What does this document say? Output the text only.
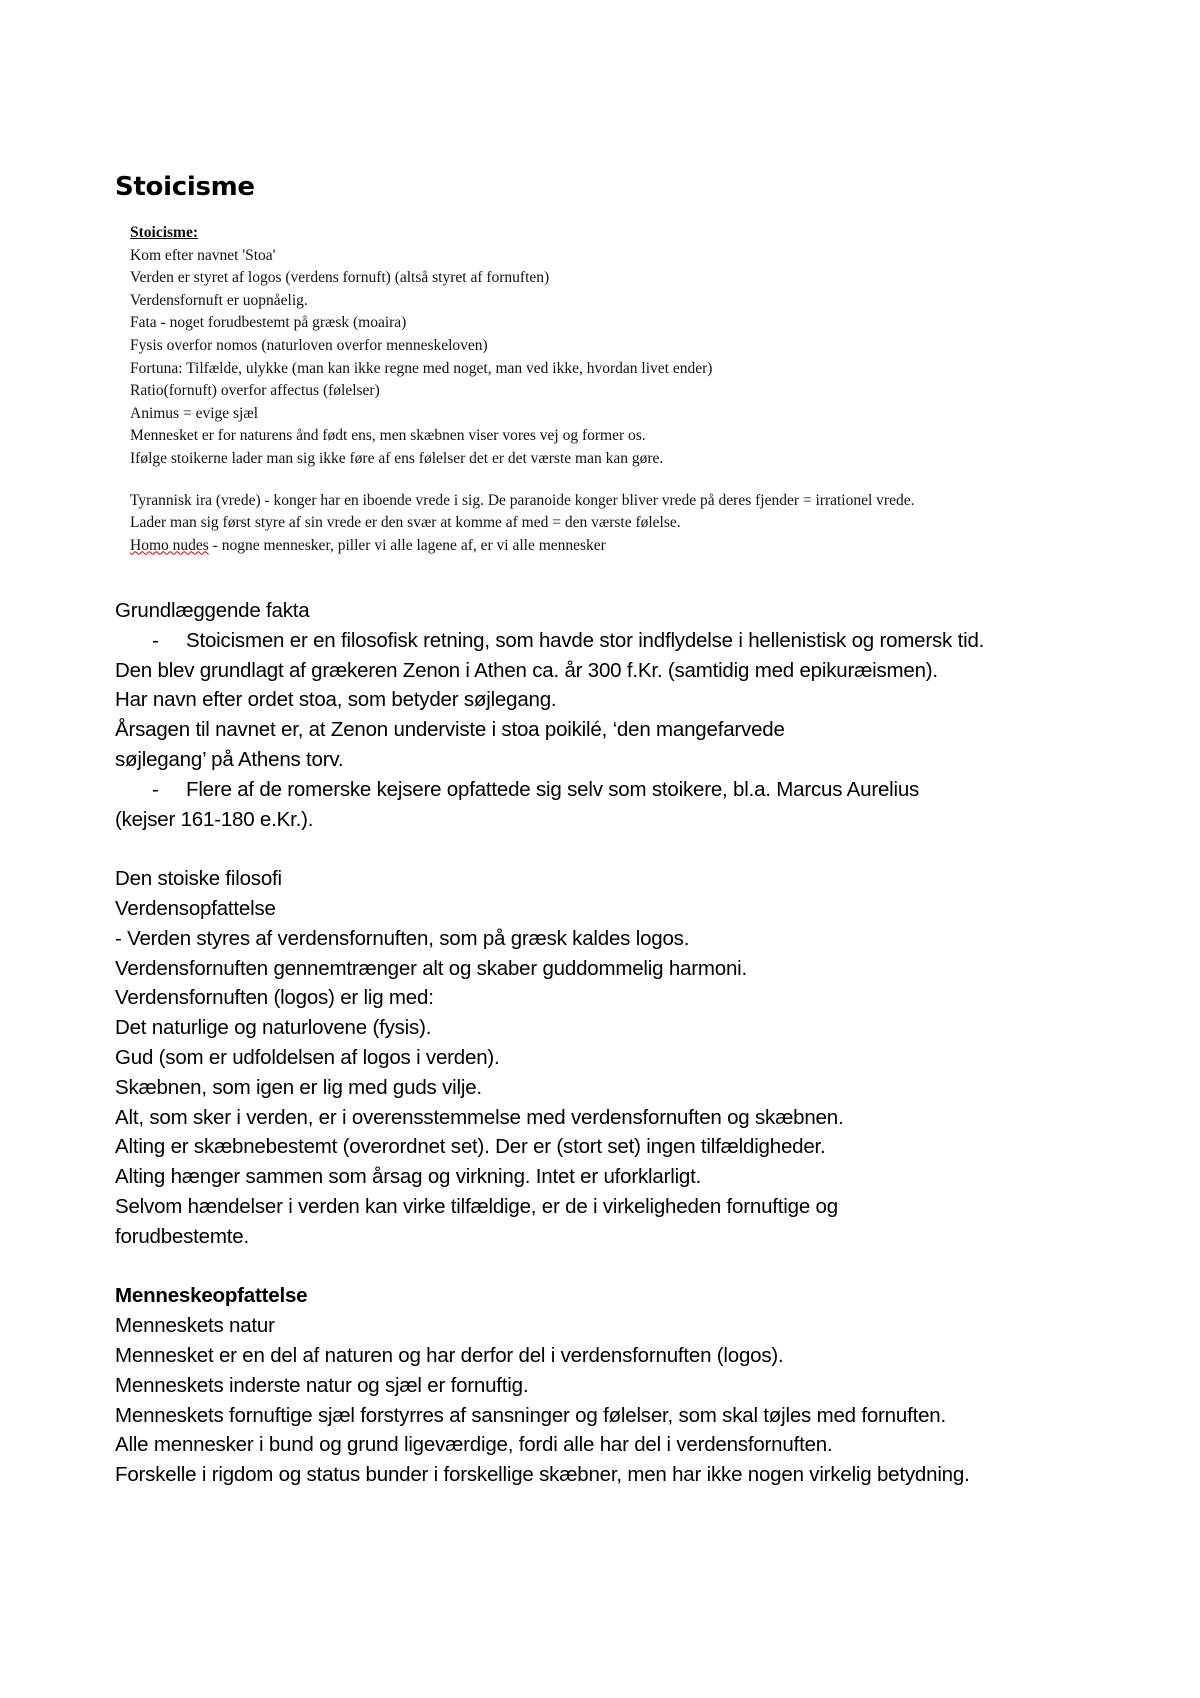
Stoicisme
Stoicisme:
Kom efter navnet 'Stoa'
Verden er styret af logos (verdens fornuft) (altså styret af fornuften)
Verdensfornuft er uopnåelig.
Fata - noget forudbestemt på græsk (moaira)
Fysis overfor nomos (naturloven overfor menneskeloven)
Fortuna: Tilfælde, ulykke (man kan ikke regne med noget, man ved ikke, hvordan livet ender)
Ratio(fornuft) overfor affectus (følelser)
Animus = evige sjæl
Mennesket er for naturens ånd født ens, men skæbnen viser vores vej og former os.
Ifølge stoikerne lader man sig ikke føre af ens følelser det er det værste man kan gøre.
Tyrannisk ira (vrede) - konger har en iboende vrede i sig. De paranoide konger bliver vrede på deres fjender = irrationel vrede.
Lader man sig først styre af sin vrede er den svær at komme af med = den værste følelse.
Homo nudes - nogne mennesker, piller vi alle lagene af, er vi alle mennesker
Grundlæggende fakta
- Stoicismen er en filosofisk retning, som havde stor indflydelse i hellenistisk og romersk tid.
Den blev grundlagt af grækeren Zenon i Athen ca. år 300 f.Kr. (samtidig med epikuræismen).
Har navn efter ordet stoa, som betyder søjlegang.
Årsagen til navnet er, at Zenon underviste i stoa poikilé, ‘den mangefarvede
søjlegang’ på Athens torv.
- Flere af de romerske kejsere opfattede sig selv som stoikere, bl.a. Marcus Aurelius
(kejser 161-180 e.Kr.).
Den stoiske filosofi
Verdensopfattelse
- Verden styres af verdensfornuften, som på græsk kaldes logos.
Verdensfornuften gennemtrænger alt og skaber guddommelig harmoni.
Verdensfornuften (logos) er lig med:
Det naturlige og naturlovene (fysis).
Gud (som er udfoldelsen af logos i verden).
Skæbnen, som igen er lig med guds vilje.
Alt, som sker i verden, er i overensstemmelse med verdensfornuften og skæbnen.
Alting er skæbnebestemt (overordnet set). Der er (stort set) ingen tilfældigheder.
Alting hænger sammen som årsag og virkning. Intet er uforklarligt.
Selvom hændelser i verden kan virke tilfældige, er de i virkeligheden fornuftige og
forudbestemte.
Menneskeopfattelse
Menneskets natur
Mennesket er en del af naturen og har derfor del i verdensfornuften (logos).
Menneskets inderste natur og sjæl er fornuftig.
Menneskets fornuftige sjæl forstyrres af sansninger og følelser, som skal tøjles med fornuften.
Alle mennesker i bund og grund ligeværdige, fordi alle har del i verdensfornuften.
Forskelle i rigdom og status bunder i forskellige skæbner, men har ikke nogen virkelig betydning.
